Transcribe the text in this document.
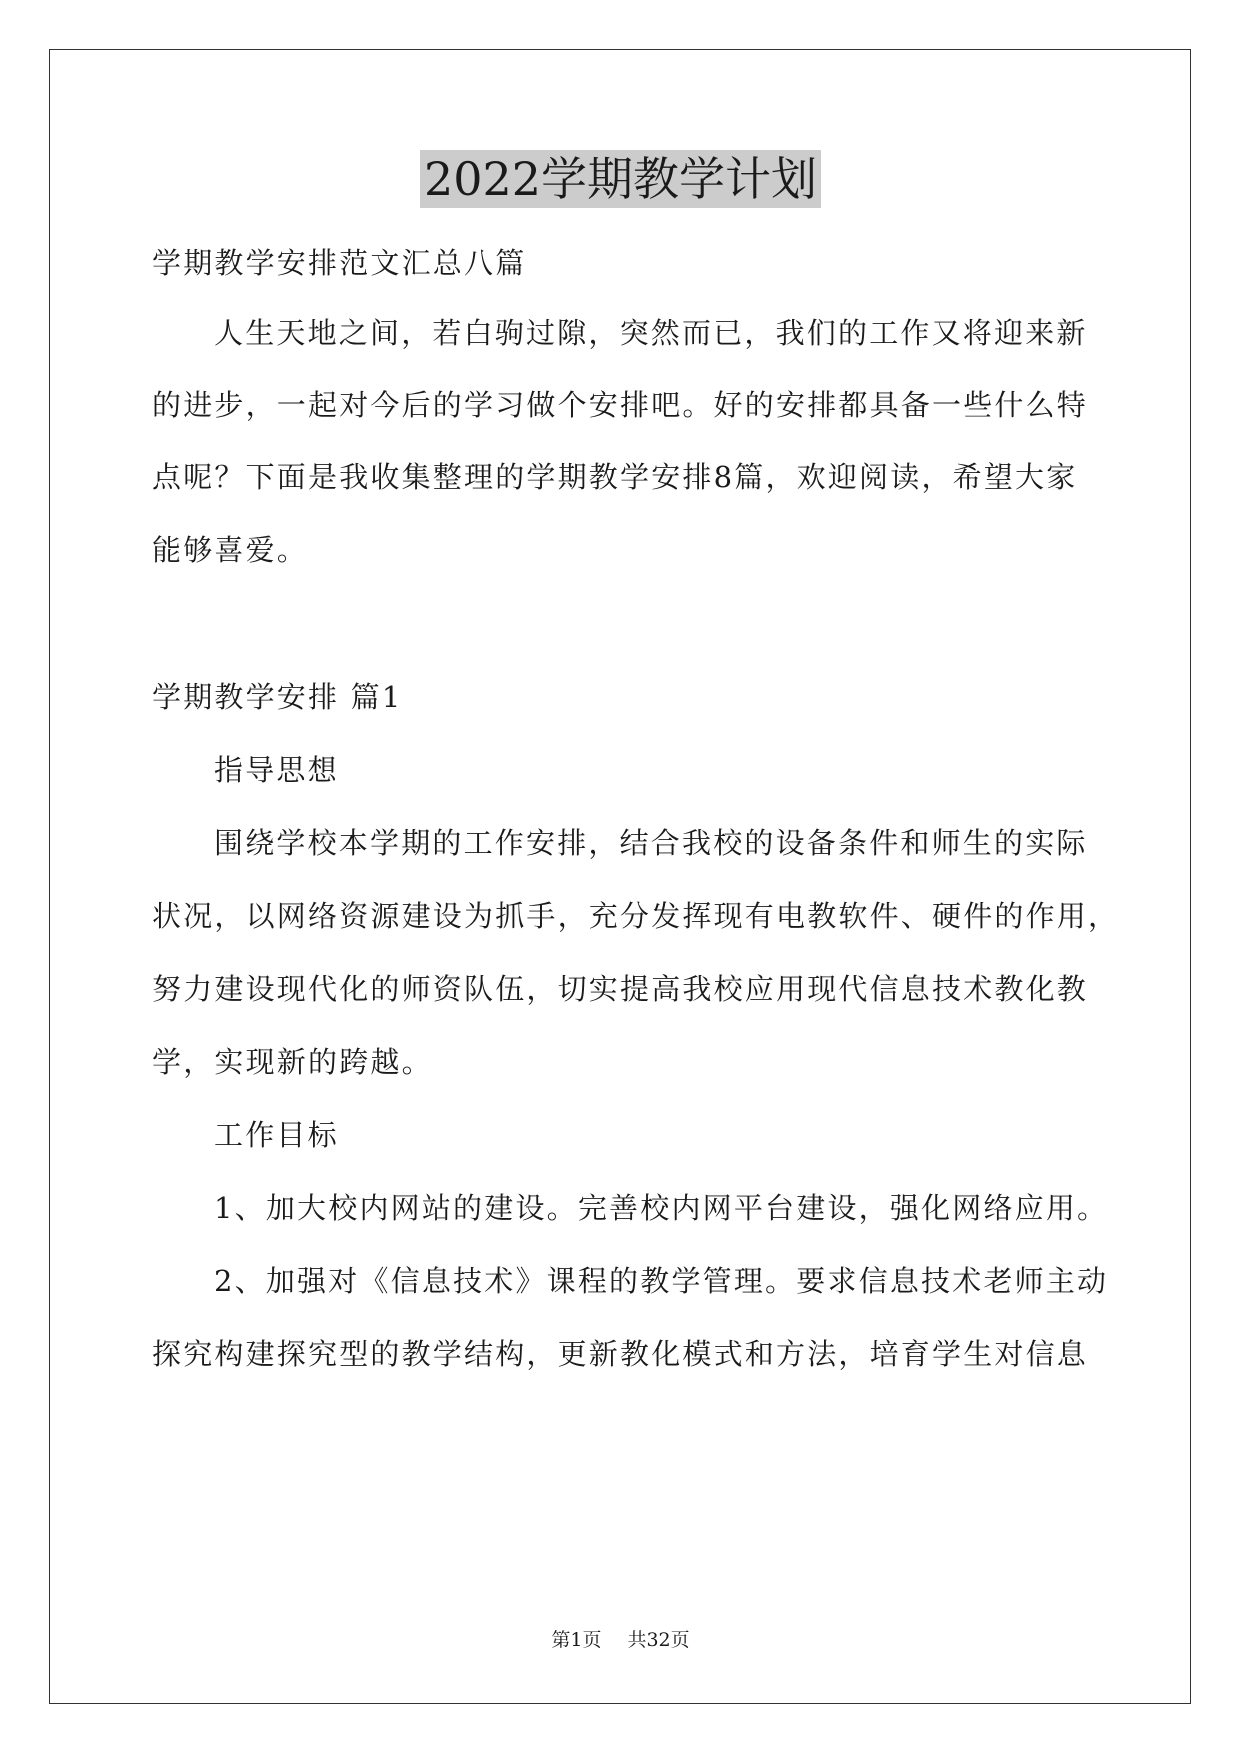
2022学期教学计划
学期教学安排范文汇总八篇
人生天地之间，若白驹过隙，突然而已，我们的工作又将迎来新
的进步，一起对今后的学习做个安排吧。好的安排都具备一些什么特
点呢？下面是我收集整理的学期教学安排8篇，欢迎阅读，希望大家
能够喜爱。
学期教学安排 篇1
指导思想
围绕学校本学期的工作安排，结合我校的设备条件和师生的实际
状况，以网络资源建设为抓手，充分发挥现有电教软件、硬件的作用，
努力建设现代化的师资队伍，切实提高我校应用现代信息技术教化教
学，实现新的跨越。
工作目标
1、加大校内网站的建设。完善校内网平台建设，强化网络应用。
2、加强对《信息技术》课程的教学管理。要求信息技术老师主动
探究构建探究型的教学结构，更新教化模式和方法，培育学生对信息
第1页 共32页
